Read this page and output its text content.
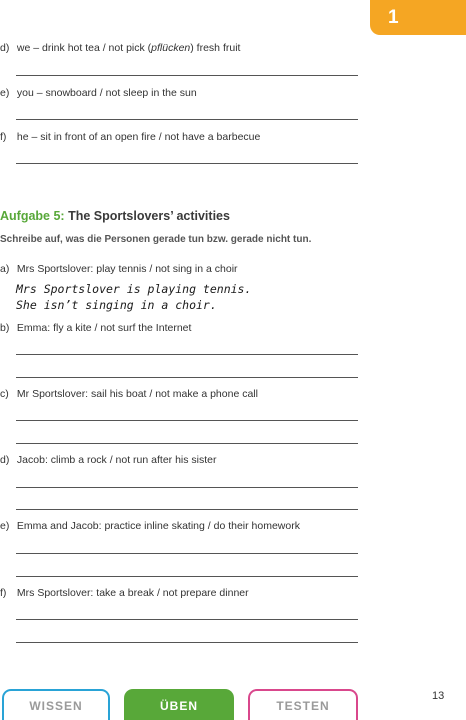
1
d) we – drink hot tea / not pick (pflücken) fresh fruit
e) you – snowboard / not sleep in the sun
f) he – sit in front of an open fire / not have a barbecue
Aufgabe 5: The Sportslovers’ activities
Schreibe auf, was die Personen gerade tun bzw. gerade nicht tun.
a) Mrs Sportslover: play tennis / not sing in a choir
Mrs Sportslover is playing tennis.
She isn’t singing in a choir.
b) Emma: fly a kite / not surf the Internet
c) Mr Sportslover: sail his boat / not make a phone call
d) Jacob: climb a rock / not run after his sister
e) Emma and Jacob: practice inline skating / do their homework
f) Mrs Sportslover: take a break / not prepare dinner
WISSEN	ÜBEN	TESTEN
13
